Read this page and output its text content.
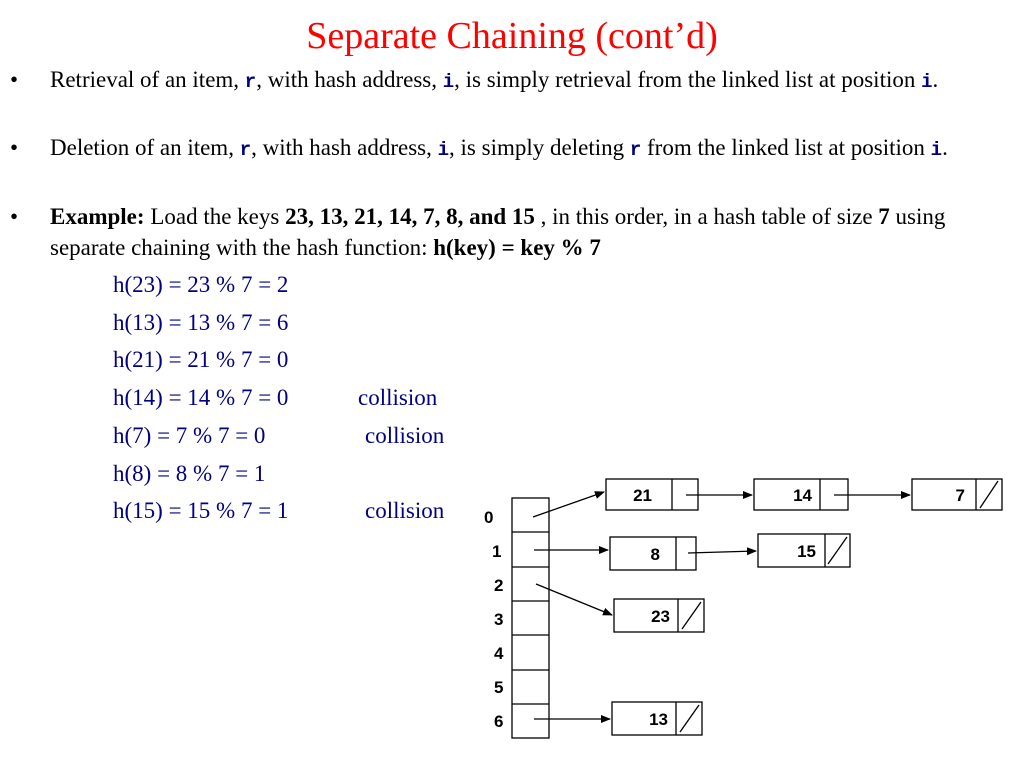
Separate Chaining (cont’d)
• Retrieval of an item, r, with hash address, i, is simply retrieval from the linked list at position i.
• Deletion of an item, r, with hash address, i, is simply deleting r from the linked list at position i.
• Example: Load the keys 23, 13, 21, 14, 7, 8, and 15 , in this order, in a hash table of size 7 using separate chaining with the hash function: h(key) = key % 7
h(23) = 23 % 7 = 2
h(13) = 13 % 7 = 6
h(21) = 21 % 7 = 0
h(14) = 14 % 7 = 0	collision
h(7) = 7 % 7 = 0	collision
h(8) = 8 % 7 = 1
h(15) = 15 % 7 = 1	collision 0
1
2
3
4
5
6
21	14	7
8	15
23
13
